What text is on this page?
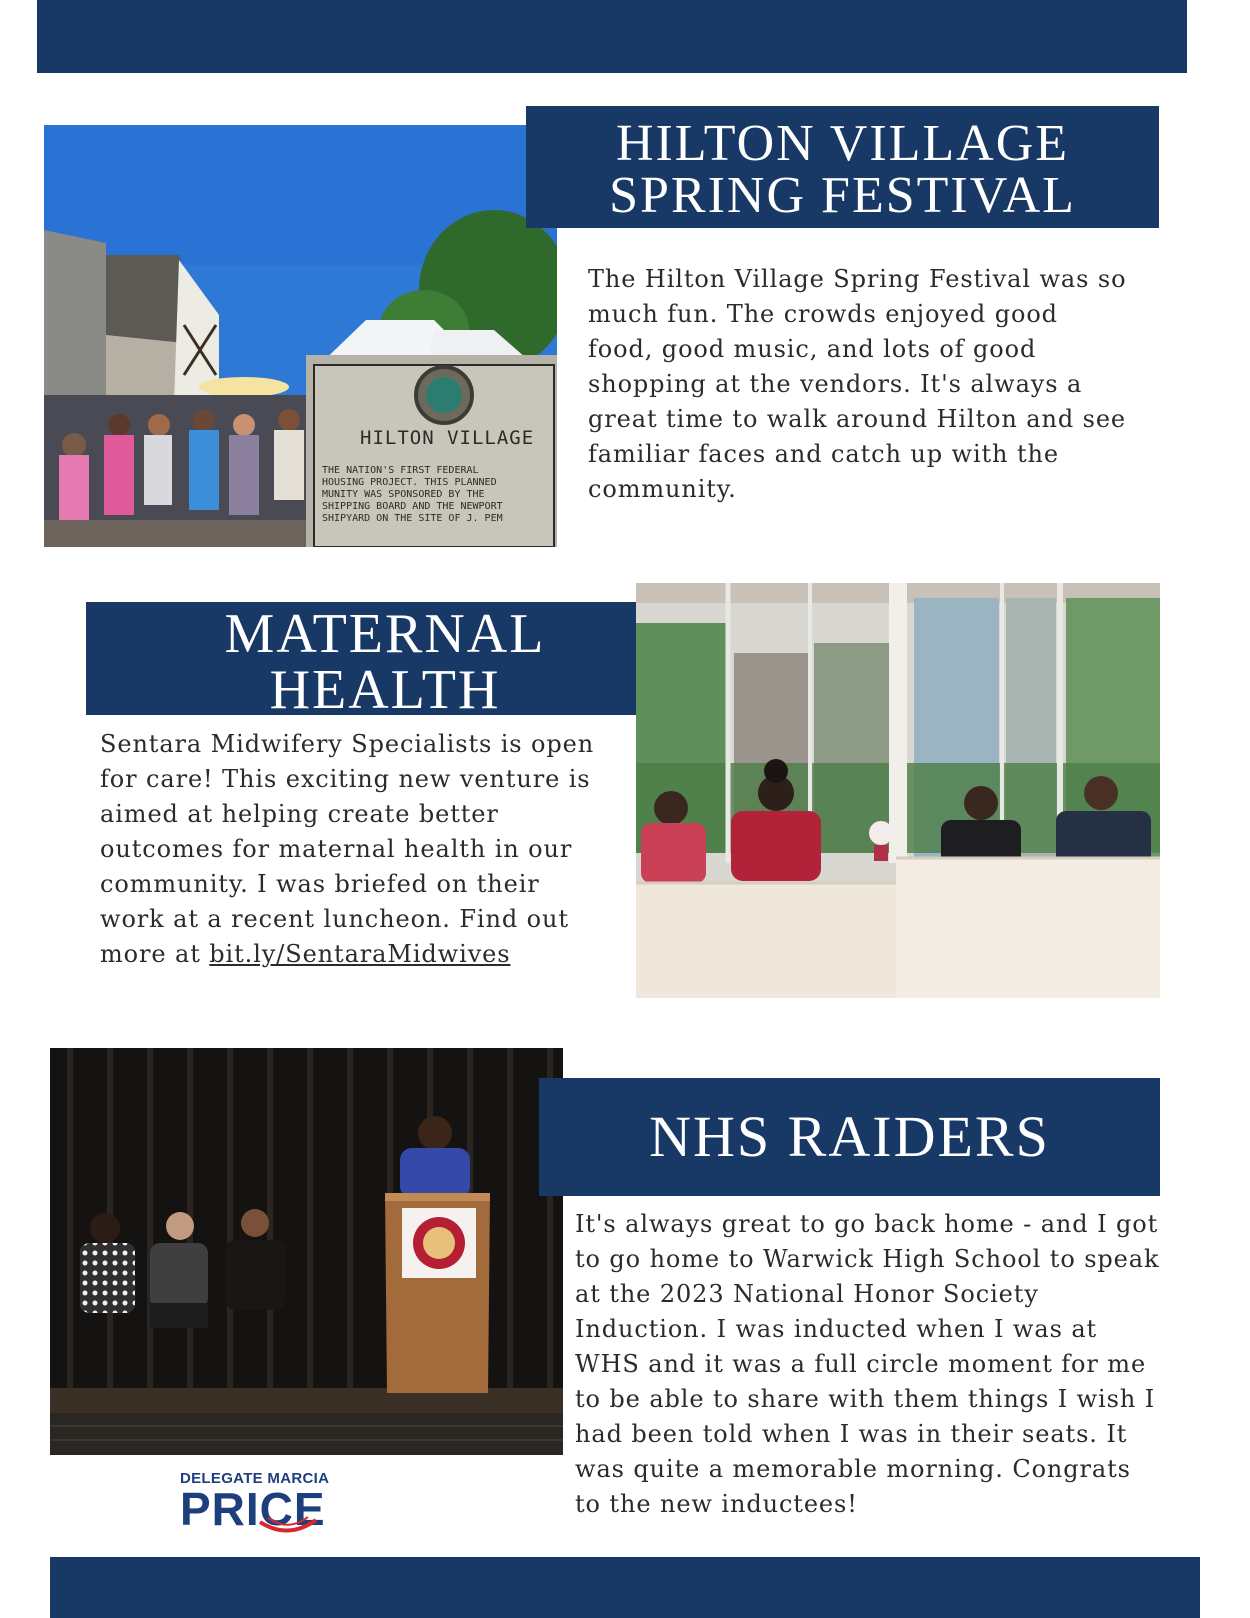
HILTON VILLAGE
THE NATION'S FIRST FEDERAL
HOUSING PROJECT. THIS PLANNED
MUNITY WAS SPONSORED BY THE
SHIPPING BOARD AND THE NEWPORT
SHIPYARD ON THE SITE OF J. PEM
HILTON VILLAGE
SPRING FESTIVAL

The Hilton Village Spring Festival was so much fun. The crowds enjoyed good food, good music, and lots of good shopping at the vendors. It's always a great time to walk around Hilton and see familiar faces and catch up with the community.

MATERNAL
HEALTH

Sentara Midwifery Specialists is open for care! This exciting new venture is aimed at helping create better outcomes for maternal health in our community. I was briefed on their work at a recent luncheon. Find out more at bit.ly/SentaraMidwives

NHS RAIDERS

It's always great to go back home - and I got to go home to Warwick High School to speak at the 2023 National Honor Society Induction. I was inducted when I was at WHS and it was a full circle moment for me to be able to share with them things I wish I had been told when I was in their seats. It was quite a memorable morning. Congrats to the new inductees!

DELEGATE MARCIA
PRICE
